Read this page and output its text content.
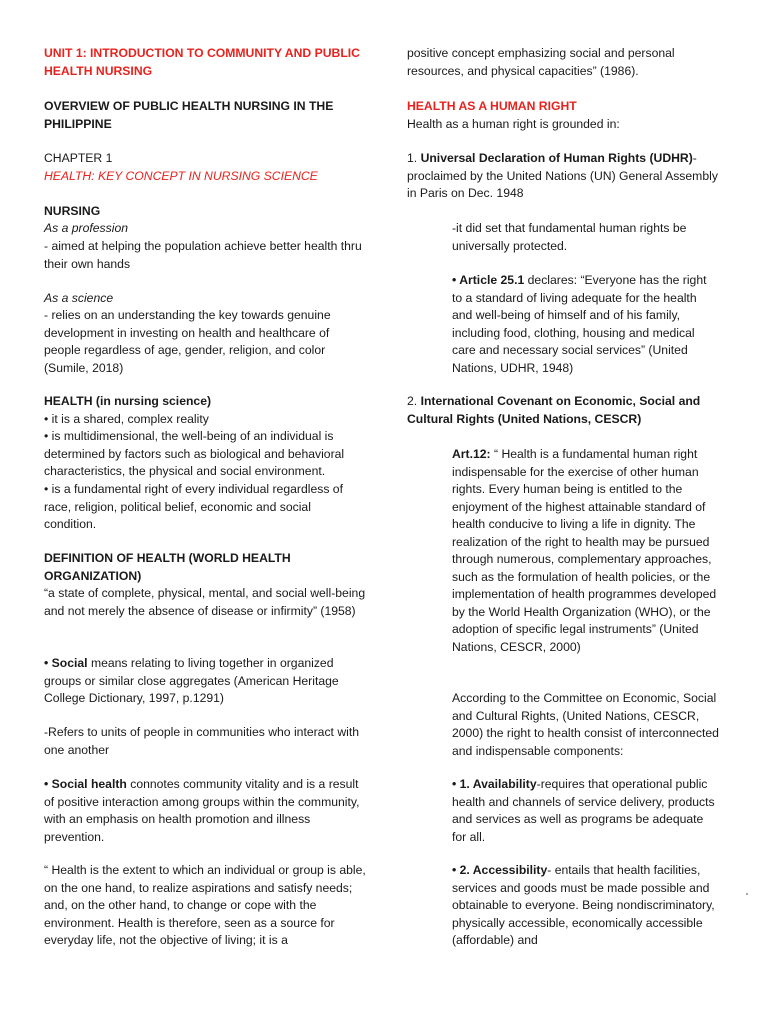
UNIT 1: INTRODUCTION TO COMMUNITY AND PUBLIC HEALTH NURSING

OVERVIEW OF PUBLIC HEALTH NURSING IN THE PHILIPPINE

CHAPTER 1

HEALTH: KEY CONCEPT IN NURSING SCIENCE

NURSING

As a profession

- aimed at helping the population achieve better health thru their own hands

As a science

- relies on an understanding the key towards genuine development in investing on health and healthcare of people regardless of age, gender, religion, and color (Sumile, 2018)

HEALTH (in nursing science)

• it is a shared, complex reality

• is multidimensional, the well-being of an individual is determined by factors such as biological and behavioral characteristics, the physical and social environment.

• is a fundamental right of every individual regardless of race, religion, political belief, economic and social condition.

DEFINITION OF HEALTH (WORLD HEALTH ORGANIZATION)

“a state of complete, physical, mental, and social well-being and not merely the absence of disease or infirmity” (1958)

• Social means relating to living together in organized groups or similar close aggregates (American Heritage College Dictionary, 1997, p.1291)

-Refers to units of people in communities who interact with one another

• Social health connotes community vitality and is a result of positive interaction among groups within the community, with an emphasis on health promotion and illness prevention.

“ Health is the extent to which an individual or group is able, on the one hand, to realize aspirations and satisfy needs; and, on the other hand, to change or cope with the environment. Health is therefore, seen as a source for everyday life, not the objective of living; it is a

positive concept emphasizing social and personal resources, and physical capacities” (1986).

HEALTH AS A HUMAN RIGHT

Health as a human right is grounded in:

1. Universal Declaration of Human Rights (UDHR)-proclaimed by the United Nations (UN) General Assembly in Paris on Dec. 1948

-it did set that fundamental human rights be universally protected.

• Article 25.1 declares: “Everyone has the right to a standard of living adequate for the health and well-being of himself and of his family, including food, clothing, housing and medical care and necessary social services” (United Nations, UDHR, 1948)

2. International Covenant on Economic, Social and Cultural Rights (United Nations, CESCR)

Art.12: “ Health is a fundamental human right indispensable for the exercise of other human rights. Every human being is entitled to the enjoyment of the highest attainable standard of health conducive to living a life in dignity. The realization of the right to health may be pursued through numerous, complementary approaches, such as the formulation of health policies, or the implementation of health programmes developed by the World Health Organization (WHO), or the adoption of specific legal instruments” (United Nations, CESCR, 2000)

According to the Committee on Economic, Social and Cultural Rights, (United Nations, CESCR, 2000) the right to health consist of interconnected and indispensable components:

• 1. Availability-requires that operational public health and channels of service delivery, products and services as well as programs be adequate for all.

• 2. Accessibility- entails that health facilities, services and goods must be made possible and obtainable to everyone. Being nondiscriminatory, physically accessible, economically accessible (affordable) and
